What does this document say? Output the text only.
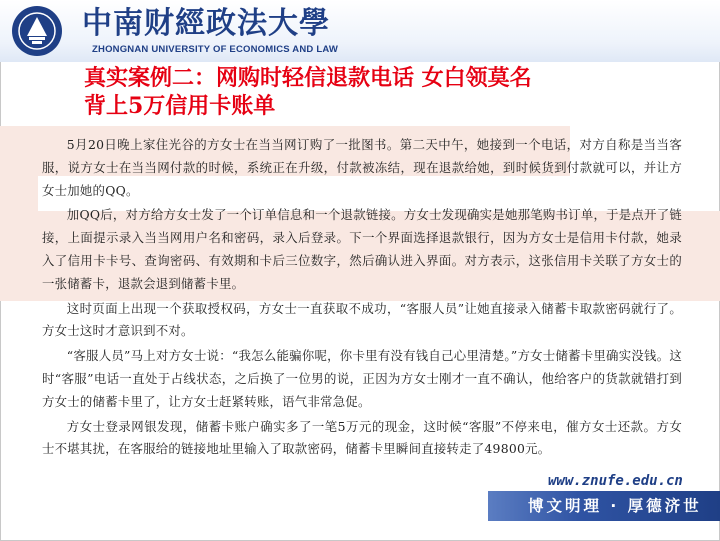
中南财經政法大學
ZHONGNAN UNIVERSITY OF ECONOMICS AND LAW
真实案例二：网购时轻信退款电话 女白领莫名
背上5万信用卡账单

5月20日晚上家住光谷的方女士在当当网订购了一批图书。第二天中午，她接到一个电话，对方自称是当当客服，说方女士在当当网付款的时候，系统正在升级，付款被冻结，现在退款给她，到时候货到付款就可以，并让方女士加她的QQ。

加QQ后，对方给方女士发了一个订单信息和一个退款链接。方女士发现确实是她那笔购书订单，于是点开了链接，上面提示录入当当网用户名和密码，录入后登录。下一个界面选择退款银行，因为方女士是信用卡付款，她录入了信用卡卡号、查询密码、有效期和卡后三位数字，然后确认进入界面。对方表示，这张信用卡关联了方女士的一张储蓄卡，退款会退到储蓄卡里。

这时页面上出现一个获取授权码，方女士一直获取不成功，“客服人员”让她直接录入储蓄卡取款密码就行了。方女士这时才意识到不对。

“客服人员”马上对方女士说：“我怎么能骗你呢，你卡里有没有钱自己心里清楚。”方女士储蓄卡里确实没钱。这时“客服”电话一直处于占线状态，之后换了一位男的说，正因为方女士刚才一直不确认，他给客户的货款就错打到方女士的储蓄卡里了，让方女士赶紧转账，语气非常急促。

方女士登录网银发现，储蓄卡账户确实多了一笔5万元的现金，这时候“客服”不停来电，催方女士还款。方女士不堪其扰，在客服给的链接地址里输入了取款密码，储蓄卡里瞬间直接转走了49800元。

www.znufe.edu.cn
博文明理 · 厚德济世
